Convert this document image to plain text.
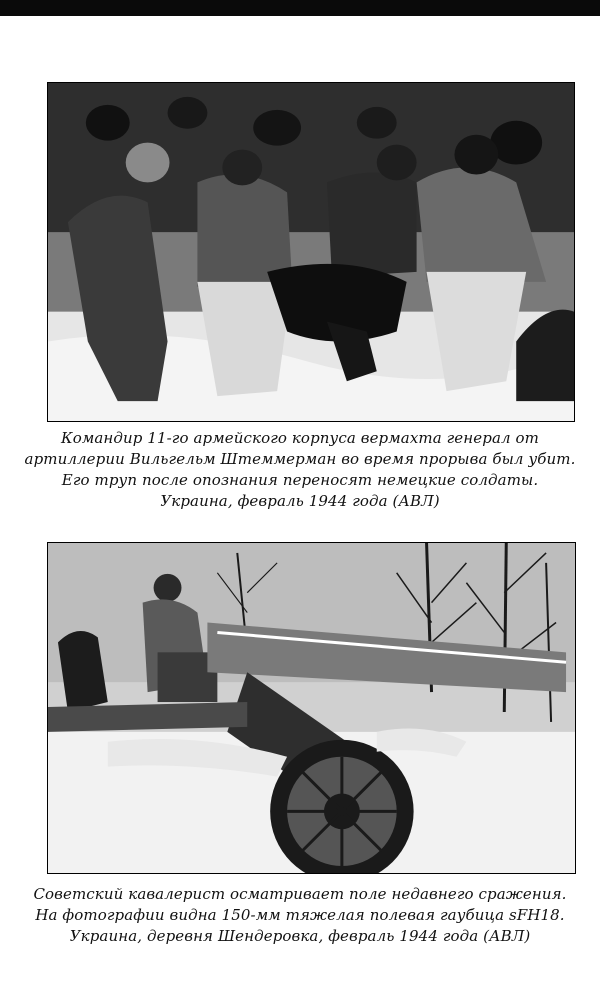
Командир 11-го армейского корпуса вермахта генерал от
артиллерии Вильгельм Штеммерман во время прорыва был убит.
Его труп после опознания переносят немецкие солдаты.
Украина, февраль 1944 года (АВЛ)
Советский кавалерист осматривает поле недавнего сражения.
На фотографии видна 150-мм тяжелая полевая гаубица sFH18.
Украина, деревня Шендеровка, февраль 1944 года (АВЛ)
